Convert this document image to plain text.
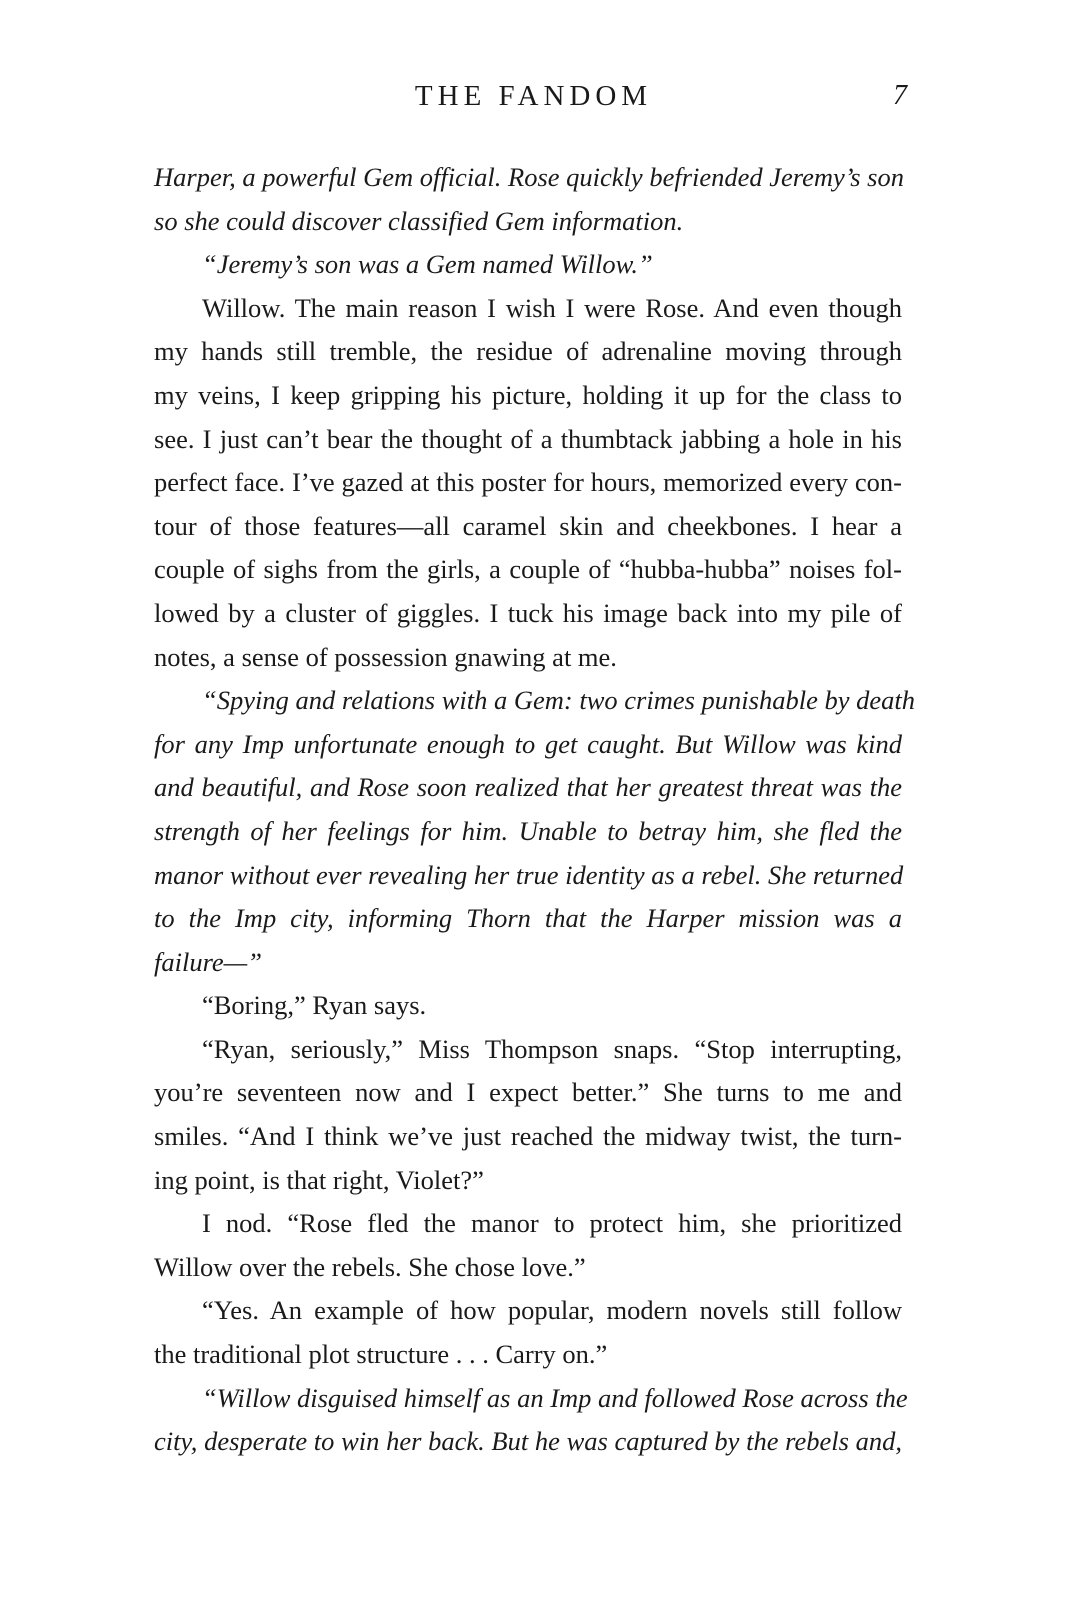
THE FANDOM	7
Harper, a powerful Gem official. Rose quickly befriended Jeremy’s son
so she could discover classified Gem information.
“Jeremy’s son was a Gem named Willow.”
Willow. The main reason I wish I were Rose. And even though
my hands still tremble, the residue of adrenaline moving through
my veins, I keep gripping his picture, holding it up for the class to
see. I just can’t bear the thought of a thumbtack jabbing a hole in his
perfect face. I’ve gazed at this poster for hours, memorized every con-
tour of those features—all caramel skin and cheekbones. I hear a
couple of sighs from the girls, a couple of “hubba-hubba” noises fol-
lowed by a cluster of giggles. I tuck his image back into my pile of
notes, a sense of possession gnawing at me.
“Spying and relations with a Gem: two crimes punishable by death
for any Imp unfortunate enough to get caught. But Willow was kind
and beautiful, and Rose soon realized that her greatest threat was the
strength of her feelings for him. Unable to betray him, she fled the
manor without ever revealing her true identity as a rebel. She returned
to the Imp city, informing Thorn that the Harper mission was a
failure—”
“Boring,” Ryan says.
“Ryan, seriously,” Miss Thompson snaps. “Stop interrupting,
you’re seventeen now and I expect better.” She turns to me and
smiles. “And I think we’ve just reached the midway twist, the turn-
ing point, is that right, Violet?”
I nod. “Rose fled the manor to protect him, she prioritized
Willow over the rebels. She chose love.”
“Yes. An example of how popular, modern novels still follow
the traditional plot structure . . . Carry on.”
“Willow disguised himself as an Imp and followed Rose across the
city, desperate to win her back. But he was captured by the rebels and,
